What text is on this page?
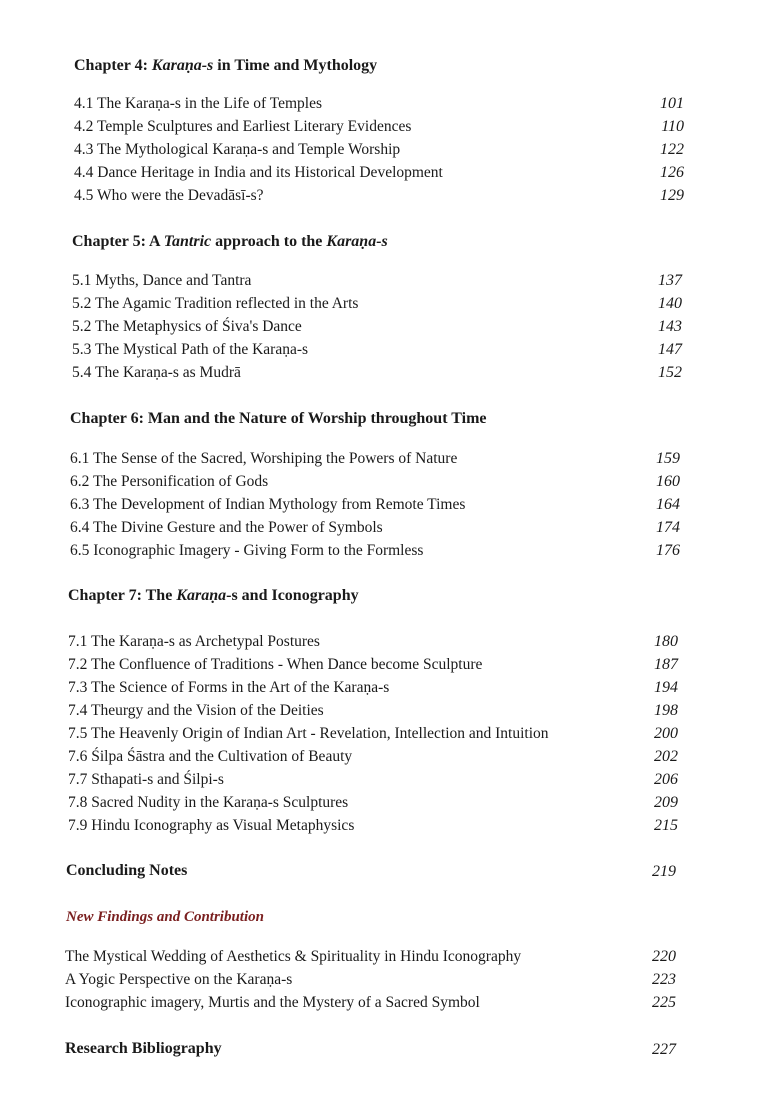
Chapter 4: Karaṇa-s in Time and Mythology
4.1 The Karaṇa-s in the Life of Temples	101
4.2 Temple Sculptures and Earliest Literary Evidences	110
4.3 The Mythological Karaṇa-s and Temple Worship	122
4.4 Dance Heritage in India and its Historical Development	126
4.5 Who were the Devadāsī-s?	129
Chapter 5: A Tantric approach to the Karaṇa-s
5.1 Myths, Dance and Tantra	137
5.2 The Agamic Tradition reflected in the Arts	140
5.2 The Metaphysics of Śiva's Dance	143
5.3 The Mystical Path of the Karaṇa-s	147
5.4 The Karaṇa-s as Mudrā	152
Chapter 6: Man and the Nature of Worship throughout Time
6.1 The Sense of the Sacred, Worshiping the Powers of Nature	159
6.2 The Personification of Gods	160
6.3 The Development of Indian Mythology from Remote Times	164
6.4 The Divine Gesture and the Power of Symbols	174
6.5 Iconographic Imagery - Giving Form to the Formless	176
Chapter 7: The Karaṇa-s and Iconography
7.1 The Karaṇa-s as Archetypal Postures	180
7.2 The Confluence of Traditions - When Dance become Sculpture	187
7.3 The Science of Forms in the Art of the Karaṇa-s	194
7.4 Theurgy and the Vision of the Deities	198
7.5 The Heavenly Origin of Indian Art - Revelation, Intellection and Intuition	200
7.6 Śilpa Śāstra and the Cultivation of Beauty	202
7.7 Sthapati-s and Śilpi-s	206
7.8 Sacred Nudity in the Karaṇa-s Sculptures	209
7.9 Hindu Iconography as Visual Metaphysics	215
Concluding Notes	219
New Findings and Contribution
The Mystical Wedding of Aesthetics & Spirituality in Hindu Iconography	220
A Yogic Perspective on the Karaṇa-s	223
Iconographic imagery, Murtis and the Mystery of a Sacred Symbol	225
Research Bibliography	227
